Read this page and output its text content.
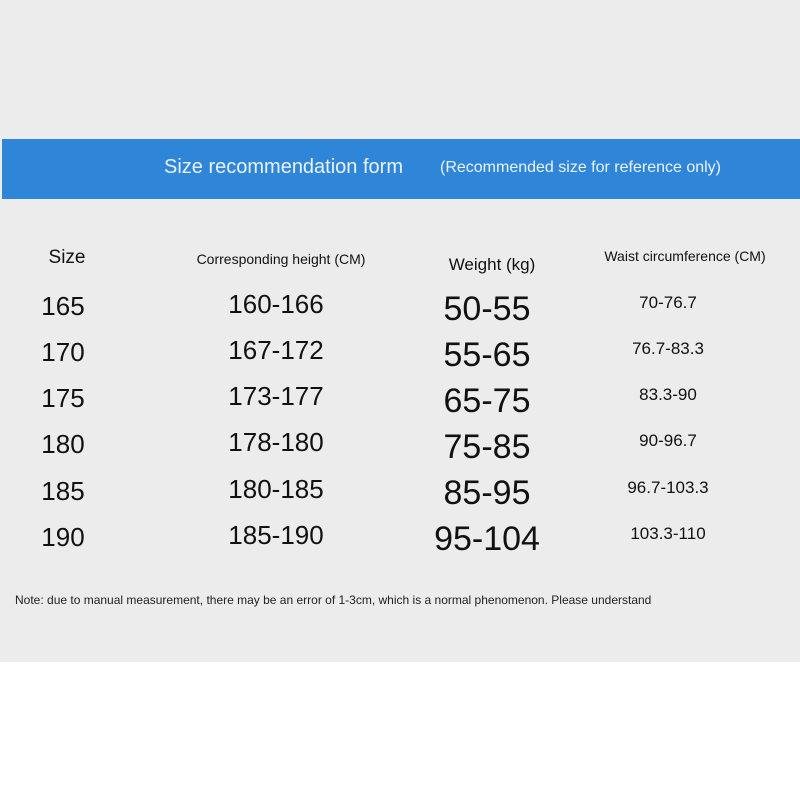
Size recommendation form (Recommended size for reference only)
Size	Corresponding height (CM)	Weight (kg)	Waist circumference (CM)
165	160-166	50-55	70-76.7
170	167-172	55-65	76.7-83.3
175	173-177	65-75	83.3-90
180	178-180	75-85	90-96.7
185	180-185	85-95	96.7-103.3
190	185-190	95-104	103.3-110
Note: due to manual measurement, there may be an error of 1-3cm, which is a normal phenomenon. Please understand
